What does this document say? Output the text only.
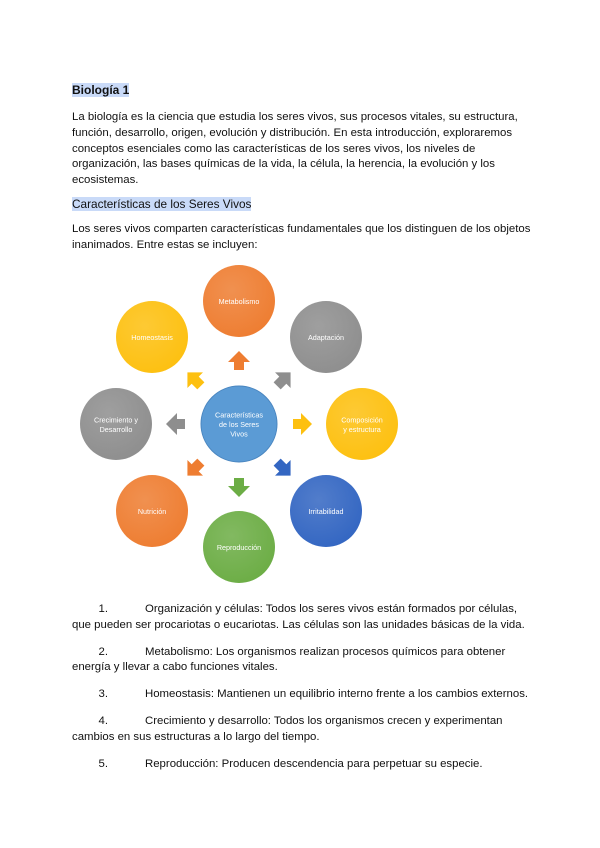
Biología 1
La biología es la ciencia que estudia los seres vivos, sus procesos vitales, su estructura, función, desarrollo, origen, evolución y distribución. En esta introducción, exploraremos conceptos esenciales como las características de los seres vivos, los niveles de organización, las bases químicas de la vida, la célula, la herencia, la evolución y los ecosistemas.
Características de los Seres Vivos
Los seres vivos comparten características fundamentales que los distinguen de los objetos inanimados. Entre estas se incluyen:
Características
de los Seres
Vivos
Metabolismo
Adaptación
Composición
y estructura
Irritabilidad
Reproducción
Nutrición
Crecimiento y
Desarrollo
Homeostasis
1.	Organización y células: Todos los seres vivos están formados por células,
que pueden ser procariotas o eucariotas. Las células son las unidades básicas de la vida.
2.	Metabolismo: Los organismos realizan procesos químicos para obtener
energía y llevar a cabo funciones vitales.
3.	Homeostasis: Mantienen un equilibrio interno frente a los cambios externos.
4.	Crecimiento y desarrollo: Todos los organismos crecen y experimentan
cambios en sus estructuras a lo largo del tiempo.
5.	Reproducción: Producen descendencia para perpetuar su especie.
